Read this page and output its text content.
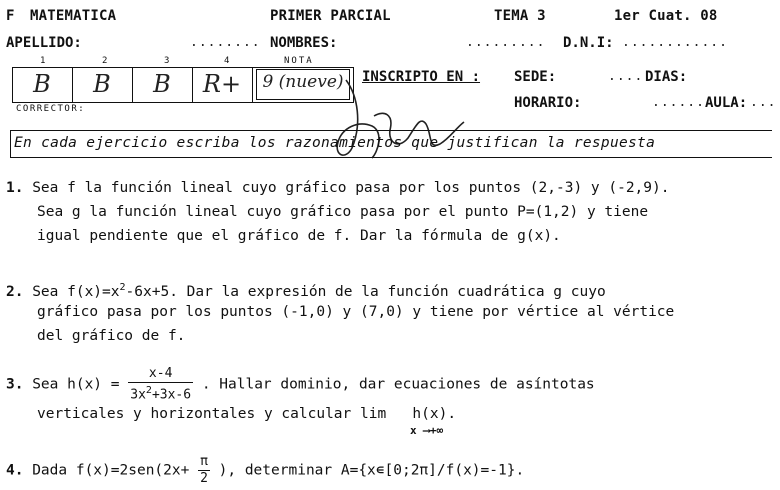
F MATEMATICA	PRIMER PARCIAL	TEMA 3	1er Cuat. 08
APELLIDO:	........ NOMBRES:	......... D.N.I: ............
1	2	3	4	NOTA
B	B	B	R+	9 (nueve)
CORRECTOR:
INSCRIPTO EN : SEDE:	.... DIAS:
HORARIO:	...... AULA: ...
En cada ejercicio escriba los razonamientos que justifican la respuesta
1. Sea f la función lineal cuyo gráfico pasa por los puntos (2,-3) y (-2,9).
Sea g la función lineal cuyo gráfico pasa por el punto P=(1,2) y tiene
igual pendiente que el gráfico de f. Dar la fórmula de g(x).
2. Sea $f(x)=x^2-6x+5$. Dar la expresión de la función cuadrática g cuyo
gráfico pasa por los puntos (-1,0) y (7,0) y tiene por vértice al vértice
del gráfico de f.
3. Sea $h(x) = \frac{x-4}{3x^2+3x-6}$ . Hallar dominio, dar ecuaciones de asíntotas
verticales y horizontales y calcular lim h(x).
x ⟶+∞
4. Dada $f(x)=2sen(2x+ \frac{\pi}{2}$ ), determinar A={x∊[0;2π]/f(x)=-1}.
